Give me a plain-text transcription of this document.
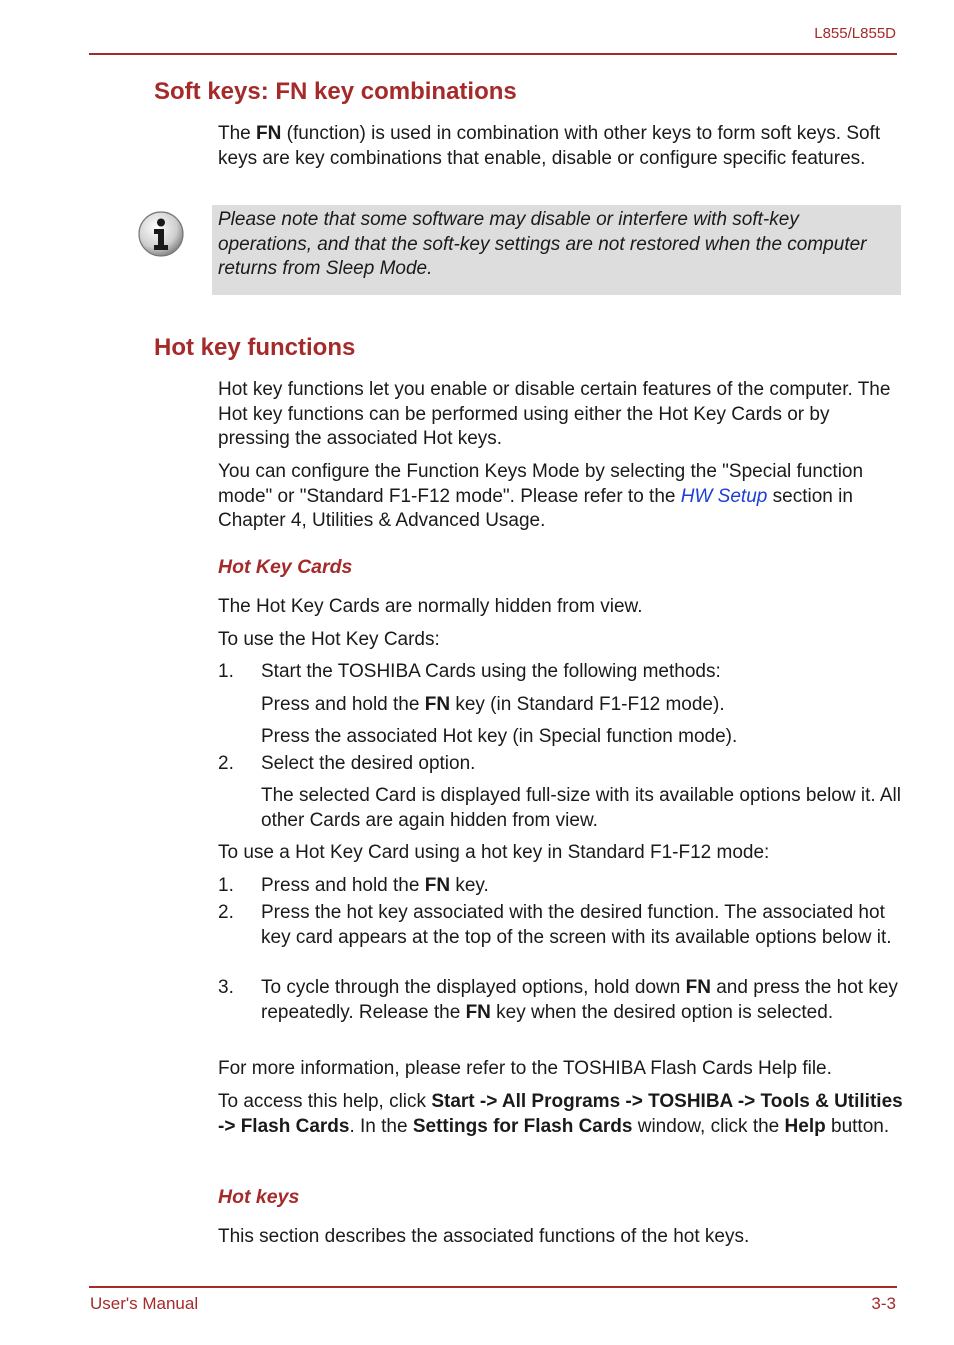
L855/L855D
Soft keys: FN key combinations
The FN (function) is used in combination with other keys to form soft keys. Soft keys are key combinations that enable, disable or configure specific features.
Please note that some software may disable or interfere with soft-key operations, and that the soft-key settings are not restored when the computer returns from Sleep Mode.
Hot key functions
Hot key functions let you enable or disable certain features of the computer. The Hot key functions can be performed using either the Hot Key Cards or by pressing the associated Hot keys.
You can configure the Function Keys Mode by selecting the "Special function mode" or "Standard F1-F12 mode". Please refer to the HW Setup section in Chapter 4, Utilities & Advanced Usage.
Hot Key Cards
The Hot Key Cards are normally hidden from view.
To use the Hot Key Cards:
1. Start the TOSHIBA Cards using the following methods:
Press and hold the FN key (in Standard F1-F12 mode).
Press the associated Hot key (in Special function mode).
2. Select the desired option.
The selected Card is displayed full-size with its available options below it. All other Cards are again hidden from view.
To use a Hot Key Card using a hot key in Standard F1-F12 mode:
1. Press and hold the FN key.
2. Press the hot key associated with the desired function. The associated hot key card appears at the top of the screen with its available options below it.
3. To cycle through the displayed options, hold down FN and press the hot key repeatedly. Release the FN key when the desired option is selected.
For more information, please refer to the TOSHIBA Flash Cards Help file.
To access this help, click Start -> All Programs -> TOSHIBA -> Tools & Utilities -> Flash Cards. In the Settings for Flash Cards window, click the Help button.
Hot keys
This section describes the associated functions of the hot keys.
User's Manual	3-3
